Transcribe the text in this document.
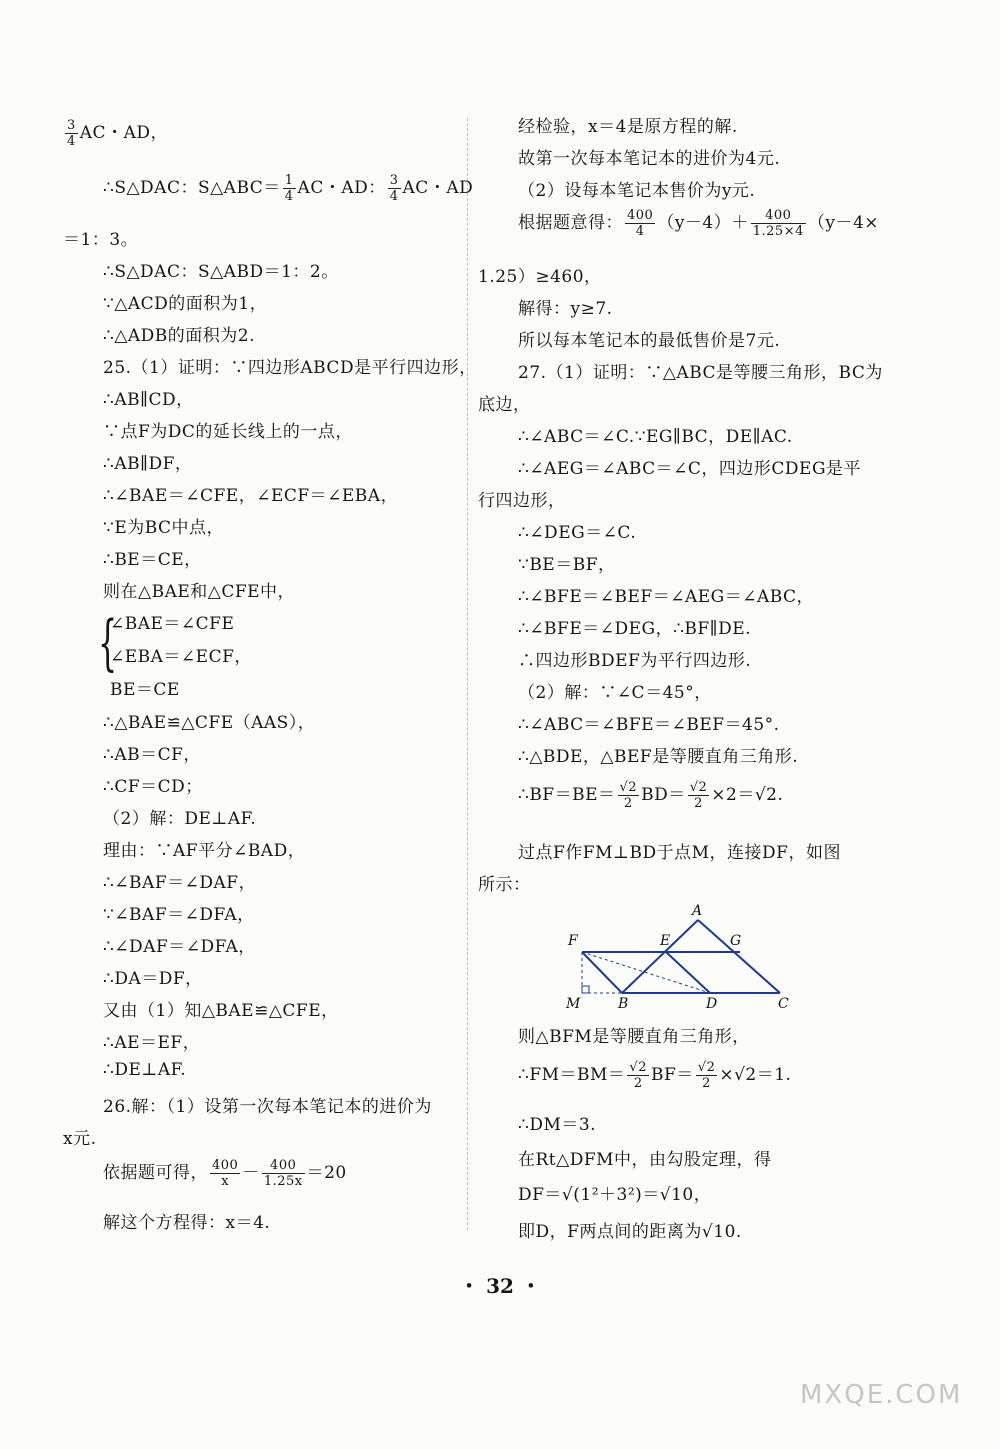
$\frac{3}{4}$ AC・AD，
∴S△DAC：S△ABC＝ $\frac{1}{4}$ AC・AD： $\frac{3}{4}$ AC・AD
＝1：3。
∴S△DAC：S△ABD＝1：2。
∵△ACD的面积为1，
∴△ADB的面积为2.
25.（1）证明：∵四边形ABCD是平行四边形，
∴AB∥CD，
∵点F为DC的延长线上的一点，
∴AB∥DF，
∴∠BAE＝∠CFE，∠ECF＝∠EBA，
∵E为BC中点，
∴BE＝CE，
则在△BAE和△CFE中，
{
∠BAE＝∠CFE
∠EBA＝∠ECF，
BE＝CE
∴△BAE≌△CFE（AAS），
∴AB＝CF，
∴CF＝CD；
（2）解：DE⊥AF.
理由：∵AF平分∠BAD，
∴∠BAF＝∠DAF，
∵∠BAF＝∠DFA，
∴∠DAF＝∠DFA，
∴DA＝DF，
又由（1）知△BAE≌△CFE，
∴AE＝EF，
∴DE⊥AF.
26.解：（1）设第一次每本笔记本的进价为
x元.
依据题可得， $\frac{400}{x} - \frac{400}{1.25x} =20$
解这个方程得：x＝4.
经检验，x＝4是原方程的解.
故第一次每本笔记本的进价为4元.
（2）设每本笔记本售价为y元.
根据题意得： $\frac{400}{4} (y-4)+ \frac{400}{1.25\times 4} (y-4\times$
1.25）≥460，
解得：y≥7.
所以每本笔记本的最低售价是7元.
27.（1）证明：∵△ABC是等腰三角形，BC为
底边，
∴∠ABC＝∠C.∵EG∥BC，DE∥AC.
∴∠AEG＝∠ABC＝∠C，四边形CDEG是平
行四边形，
∴∠DEG＝∠C.
∵BE＝BF，
∴∠BFE＝∠BEF＝∠AEG＝∠ABC，
∴∠BFE＝∠DEG，∴BF∥DE.
∴四边形BDEF为平行四边形.
（2）解：∵∠C＝45°，
∴∠ABC＝∠BFE＝∠BEF＝45°.
∴△BDE，△BEF是等腰直角三角形.
∴BF＝BE＝ $\frac{√2}{2} BD= \frac{√2}{2} \times 2=√2$.
过点F作FM⊥BD于点M，连接DF，如图
所示：
A
E	G
F
M	B	D	C
则△BFM是等腰直角三角形，
∴FM＝BM＝ $\frac{√2}{2} BF= \frac{√2}{2} \times√2=1$.
∴DM＝3.
在Rt△DFM中，由勾股定理，得
DF＝√(1²＋3²)＝√10，
即D，F两点间的距离为√10.
・ 32 ・
MXQE.COM
